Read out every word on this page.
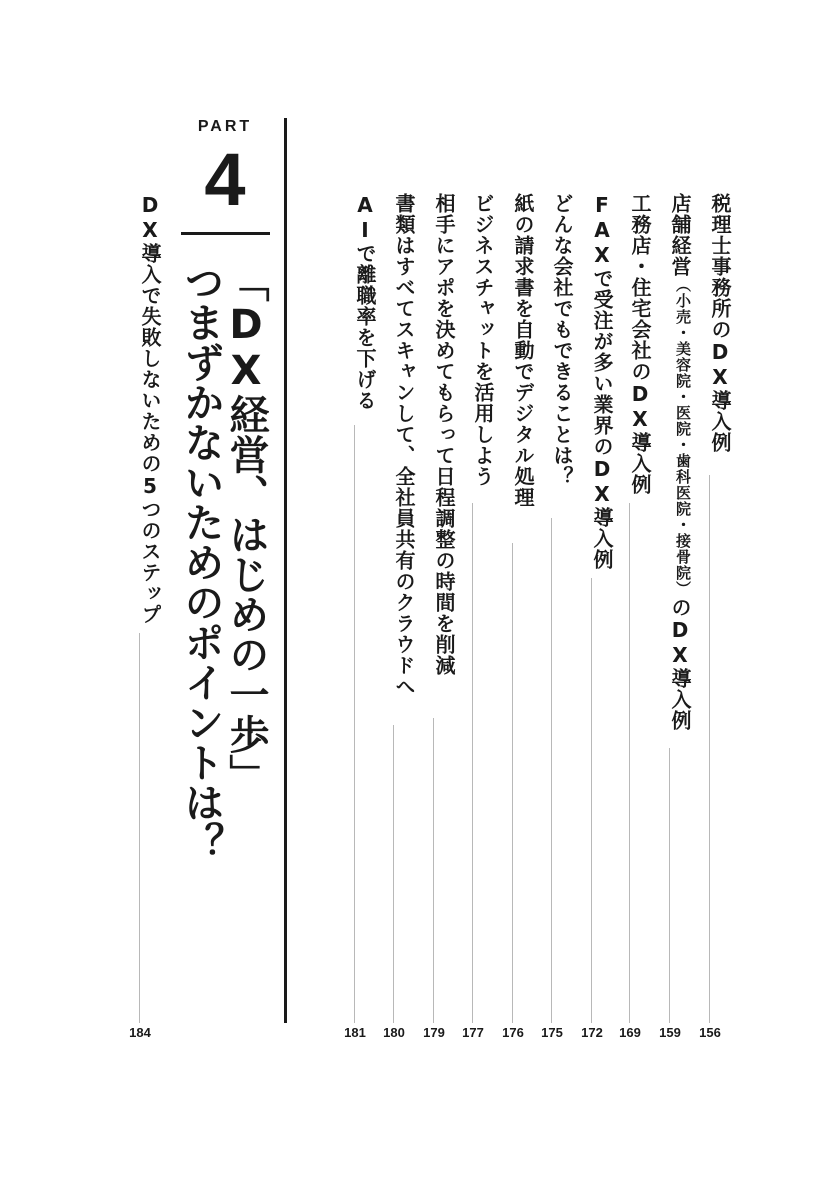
PART
4
「DX経営、はじめの一歩」
つまずかないためのポイントは？
DX導入で失敗しないための5つのステップ
184
税理士事務所のDX導入例
156
店舗経営
（小売・美容院・医院・歯科医院・接骨院）
のDX導入例
159
工務店・住宅会社のDX導入例
169
FAXで受注が多い業界のDX導入例
172
どんな会社でもできることは？
175
紙の請求書を自動でデジタル処理
176
ビジネスチャットを活用しよう
177
相手にアポを決めてもらって日程調整の時間を削減
179
書類はすべてスキャンして、全社員共有のクラウドへ
180
AIで離職率を下げる
181
